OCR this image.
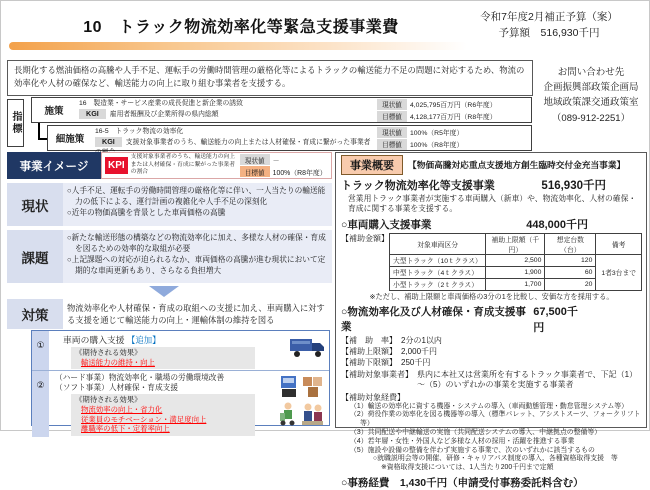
10　トラック物流効率化等緊急支援事業費
令和7年度2月補正予算（案）
予算額　516,930千円
長期化する燃油価格の高騰や人手不足、運転手の労働時間管理の厳格化等によるトラックの輸送能力不足の問題に対応するため、物流の効率化や人材の確保など、輸送能力の向上に取り組む事業者を支援する。
お問い合わせ先
企画振興部政策企画局
地域政策課交通政策室
（089-912-2251）
指標	施策
16　製造業・サービス産業の成長促進と新企業の誘致
KGI 雇用者報酬及び企業所得の県内総額
現状値	4,025,795百万円（R6年度）
目標値	4,128,177百万円（R8年度）
細施策
16-5　トラック物流の効率化
KGI 支援対象事業者のうち、輸送能力の向上または人材確保・育成に繋がった事業者
現状値	100%（R5年度）
目標値	100%（R8年度）
事業イメージ	KPI
支援対象事業者のうち、輸送能力の向上または人材確保・育成に繋がった事業者の割合
現状値	－
目標値	100%（R8年度）
現状
○人手不足、運転手の労働時間管理の厳格化等に伴い、一人当たりの輸送能力の低下による、運行計画の複雑化や人手不足の深刻化
○近年の物価高騰を背景とした車両価格の高騰
課題
○新たな輸送形態の構築などの物流効率化に加え、多様な人材の確保・育成を図るための効率的な取組が必要
○上記課題への対応が迫られるなか、車両価格の高騰が進む現状において定期的な車両更新もあり、さらなる負担増大
対策	物流効率化や人材確保・育成の取組への支援に加え、車両購入に対する支援を通じて輸送能力の向上・運輸体制の維持を図る
①	車両の購入支援 【追加】
《期待される効果》
輸送能力の維持・向上
②
（ハード事業）物流効率化・職場の労働環境改善
（ソフト事業）人材確保・育成支援
《期待される効果》
物流効率の向上・省力化
従業員のモチベーション・満足度向上
離職率の低下・定着率向上
事業概要	【物価高騰対応重点支援地方創生臨時交付金充当事業】
トラック物流効率化等支援事業	516,930千円
営業用トラック事業者が実施する車両購入（新車）や、物流効率化、人材の確保・育成に関する事業を支援する。
○車両購入支援事業	448,000千円
【補助金額】
対象車両区分	補助上限額（千円）	想定台数（台）	備考
大型トラック（10ｔクラス）	2,500	120	1者3台まで
中型トラック（4ｔクラス）	1,900	60	
小型トラック（2ｔクラス）	1,700	20	
※ただし、補助上限額と車両価格の3分の1を比較し、安価な方を採用する。
○物流効率化及び人材確保・育成支援事業
67,500千円
【補　助　率】 2分の1以内
【補助上限額】 2,000千円
【補助下限額】 250千円
【補助対象事業者】 県内に本社又は営業所を有するトラック事業者で、下記（1）～（5）のいずれかの事業を実施する事業者
【補助対象経費】
（1）輸送の効率化に資する機器・システムの導入（車両動態管理・勤怠管理システム等）
（2）荷役作業の効率化を図る機器等の導入（標準パレット、アシストスーツ、フォークリフト等）
（3）共同配送や中継輸送の実施（共同配送システムの導入、中継拠点の整備等）
（4）若年層・女性・外国人など多様な人材の採用・活躍を推進する事業
（5）施設や設備の整備を伴わず実施する事業で、次のいずれかに該当するもの
○就職説明会等の開催、研修・キャリアパス制度の導入、各種資格取得支援　等
※資格取得支援については、1人当たり200千円まで定額
○事務経費　1,430千円（申請受付事務委託料含む）
